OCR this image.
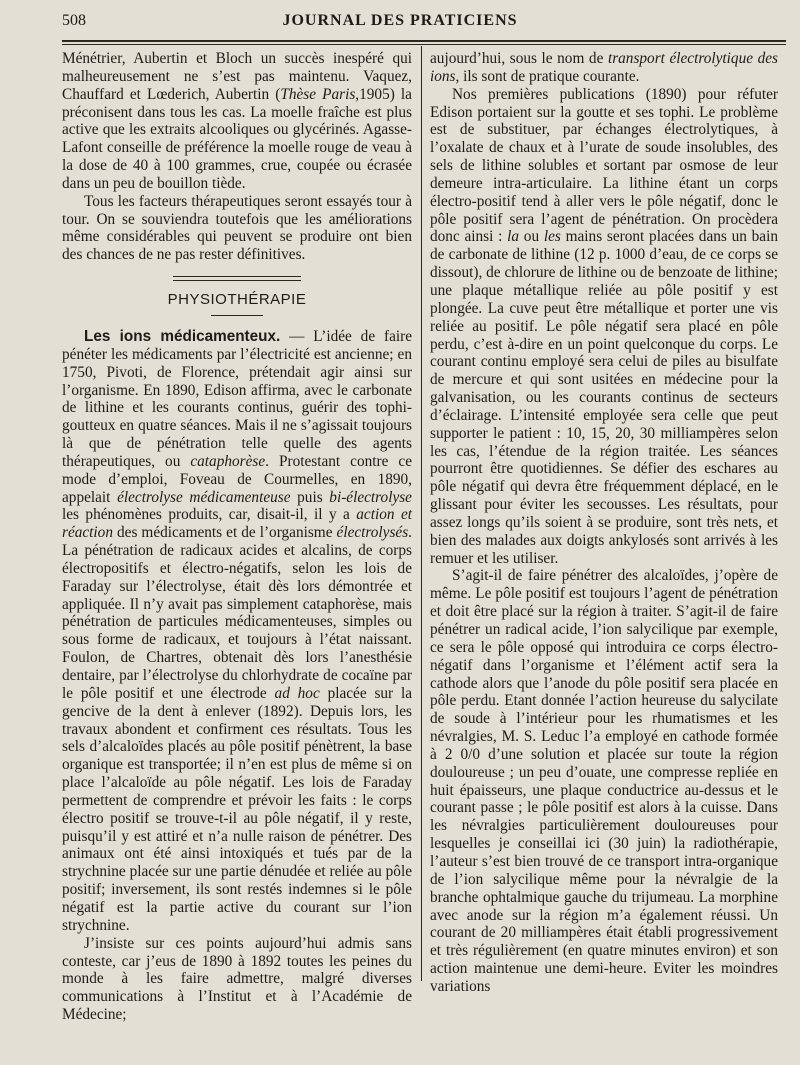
508	JOURNAL DES PRATICIENS

Ménétrier, Aubertin et Bloch un succès inespéré qui malheureusement ne s’est pas maintenu. Vaquez, Chauffard et Lœderich, Aubertin (Thèse Paris,1905) la préconisent dans tous les cas. La moelle fraîche est plus active que les extraits alcooliques ou glycérinés. Agasse-Lafont conseille de préférence la moelle rouge de veau à la dose de 40 à 100 grammes, crue, coupée ou écrasée dans un peu de bouillon tiède.

Tous les facteurs thérapeutiques seront essayés tour à tour. On se souviendra toutefois que les améliorations même considérables qui peuvent se produire ont bien des chances de ne pas rester définitives.

PHYSIOTHÉRAPIE

Les ions médicamenteux. — L’idée de faire pénéter les médicaments par l’électricité est ancienne; en 1750, Pivoti, de Florence, prétendait agir ainsi sur l’organisme. En 1890, Edison affirma, avec le carbonate de lithine et les courants continus, guérir des tophi-goutteux en quatre séances. Mais il ne s’agissait toujours là que de pénétration telle quelle des agents thérapeutiques, ou cataphorèse. Protestant contre ce mode d’emploi, Foveau de Courmelles, en 1890, appelait électrolyse médicamenteuse puis bi-électrolyse les phénomènes produits, car, disait-il, il y a action et réaction des médicaments et de l’organisme électrolysés. La pénétration de radicaux acides et alcalins, de corps électropositifs et électro-négatifs, selon les lois de Faraday sur l’électrolyse, était dès lors démontrée et appliquée. Il n’y avait pas simplement cataphorèse, mais pénétration de particules médicamenteuses, simples ou sous forme de radicaux, et toujours à l’état naissant. Foulon, de Chartres, obtenait dès lors l’anesthésie dentaire, par l’électrolyse du chlorhydrate de cocaïne par le pôle positif et une électrode ad hoc placée sur la gencive de la dent à enlever (1892). Depuis lors, les travaux abondent et confirment ces résultats. Tous les sels d’alcaloïdes placés au pôle positif pénètrent, la base organique est transportée; il n’en est plus de même si on place l’alcaloïde au pôle négatif. Les lois de Faraday permettent de comprendre et prévoir les faits : le corps électro positif se trouve-t-il au pôle négatif, il y reste, puisqu’il y est attiré et n’a nulle raison de pénétrer. Des animaux ont été ainsi intoxiqués et tués par de la strychnine placée sur une partie dénudée et reliée au pôle positif; inversement, ils sont restés indemnes si le pôle négatif est la partie active du courant sur l’ion strychnine.

J’insiste sur ces points aujourd’hui admis sans conteste, car j’eus de 1890 à 1892 toutes les peines du monde à les faire admettre, malgré diverses communications à l’Institut et à l’Académie de Médecine;

aujourd’hui, sous le nom de transport électrolytique des ions, ils sont de pratique courante.

Nos premières publications (1890) pour réfuter Edison portaient sur la goutte et ses tophi. Le problème est de substituer, par échanges électrolytiques, à l’oxalate de chaux et à l’urate de soude insolubles, des sels de lithine solubles et sortant par osmose de leur demeure intra-articulaire. La lithine étant un corps électro-positif tend à aller vers le pôle négatif, donc le pôle positif sera l’agent de pénétration. On procèdera donc ainsi : la ou les mains seront placées dans un bain de carbonate de lithine (12 p. 1000 d’eau, de ce corps se dissout), de chlorure de lithine ou de benzoate de lithine; une plaque métallique reliée au pôle positif y est plongée. La cuve peut être métallique et porter une vis reliée au positif. Le pôle négatif sera placé en pôle perdu, c’est à-dire en un point quelconque du corps. Le courant continu employé sera celui de piles au bisulfate de mercure et qui sont usitées en médecine pour la galvanisation, ou les courants continus de secteurs d’éclairage. L’intensité employée sera celle que peut supporter le patient : 10, 15, 20, 30 milliampères selon les cas, l’étendue de la région traitée. Les séances pourront être quotidiennes. Se défier des eschares au pôle négatif qui devra être fréquemment déplacé, en le glissant pour éviter les secousses. Les résultats, pour assez longs qu’ils soient à se produire, sont très nets, et bien des malades aux doigts ankylosés sont arrivés à les remuer et les utiliser.

S’agit-il de faire pénétrer des alcaloïdes, j’opère de même. Le pôle positif est toujours l’agent de pénétration et doit être placé sur la région à traiter. S’agit-il de faire pénétrer un radical acide, l’ion salycilique par exemple, ce sera le pôle opposé qui introduira ce corps électro-négatif dans l’organisme et l’élément actif sera la cathode alors que l’anode du pôle positif sera placée en pôle perdu. Etant donnée l’action heureuse du salycilate de soude à l’intérieur pour les rhumatismes et les névralgies, M. S. Leduc l’a employé en cathode formée à 2 0/0 d’une solution et placée sur toute la région douloureuse ; un peu d’ouate, une compresse repliée en huit épaisseurs, une plaque conductrice au-dessus et le courant passe ; le pôle positif est alors à la cuisse. Dans les névralgies particulièrement douloureuses pour lesquelles je conseillai ici (30 juin) la radiothérapie, l’auteur s’est bien trouvé de ce transport intra-organique de l’ion salycilique même pour la névralgie de la branche ophtalmique gauche du trijumeau. La morphine avec anode sur la région m’a également réussi. Un courant de 20 milliampères était établi progressivement et très régulièrement (en quatre minutes environ) et son action maintenue une demi-heure. Eviter les moindres variations
